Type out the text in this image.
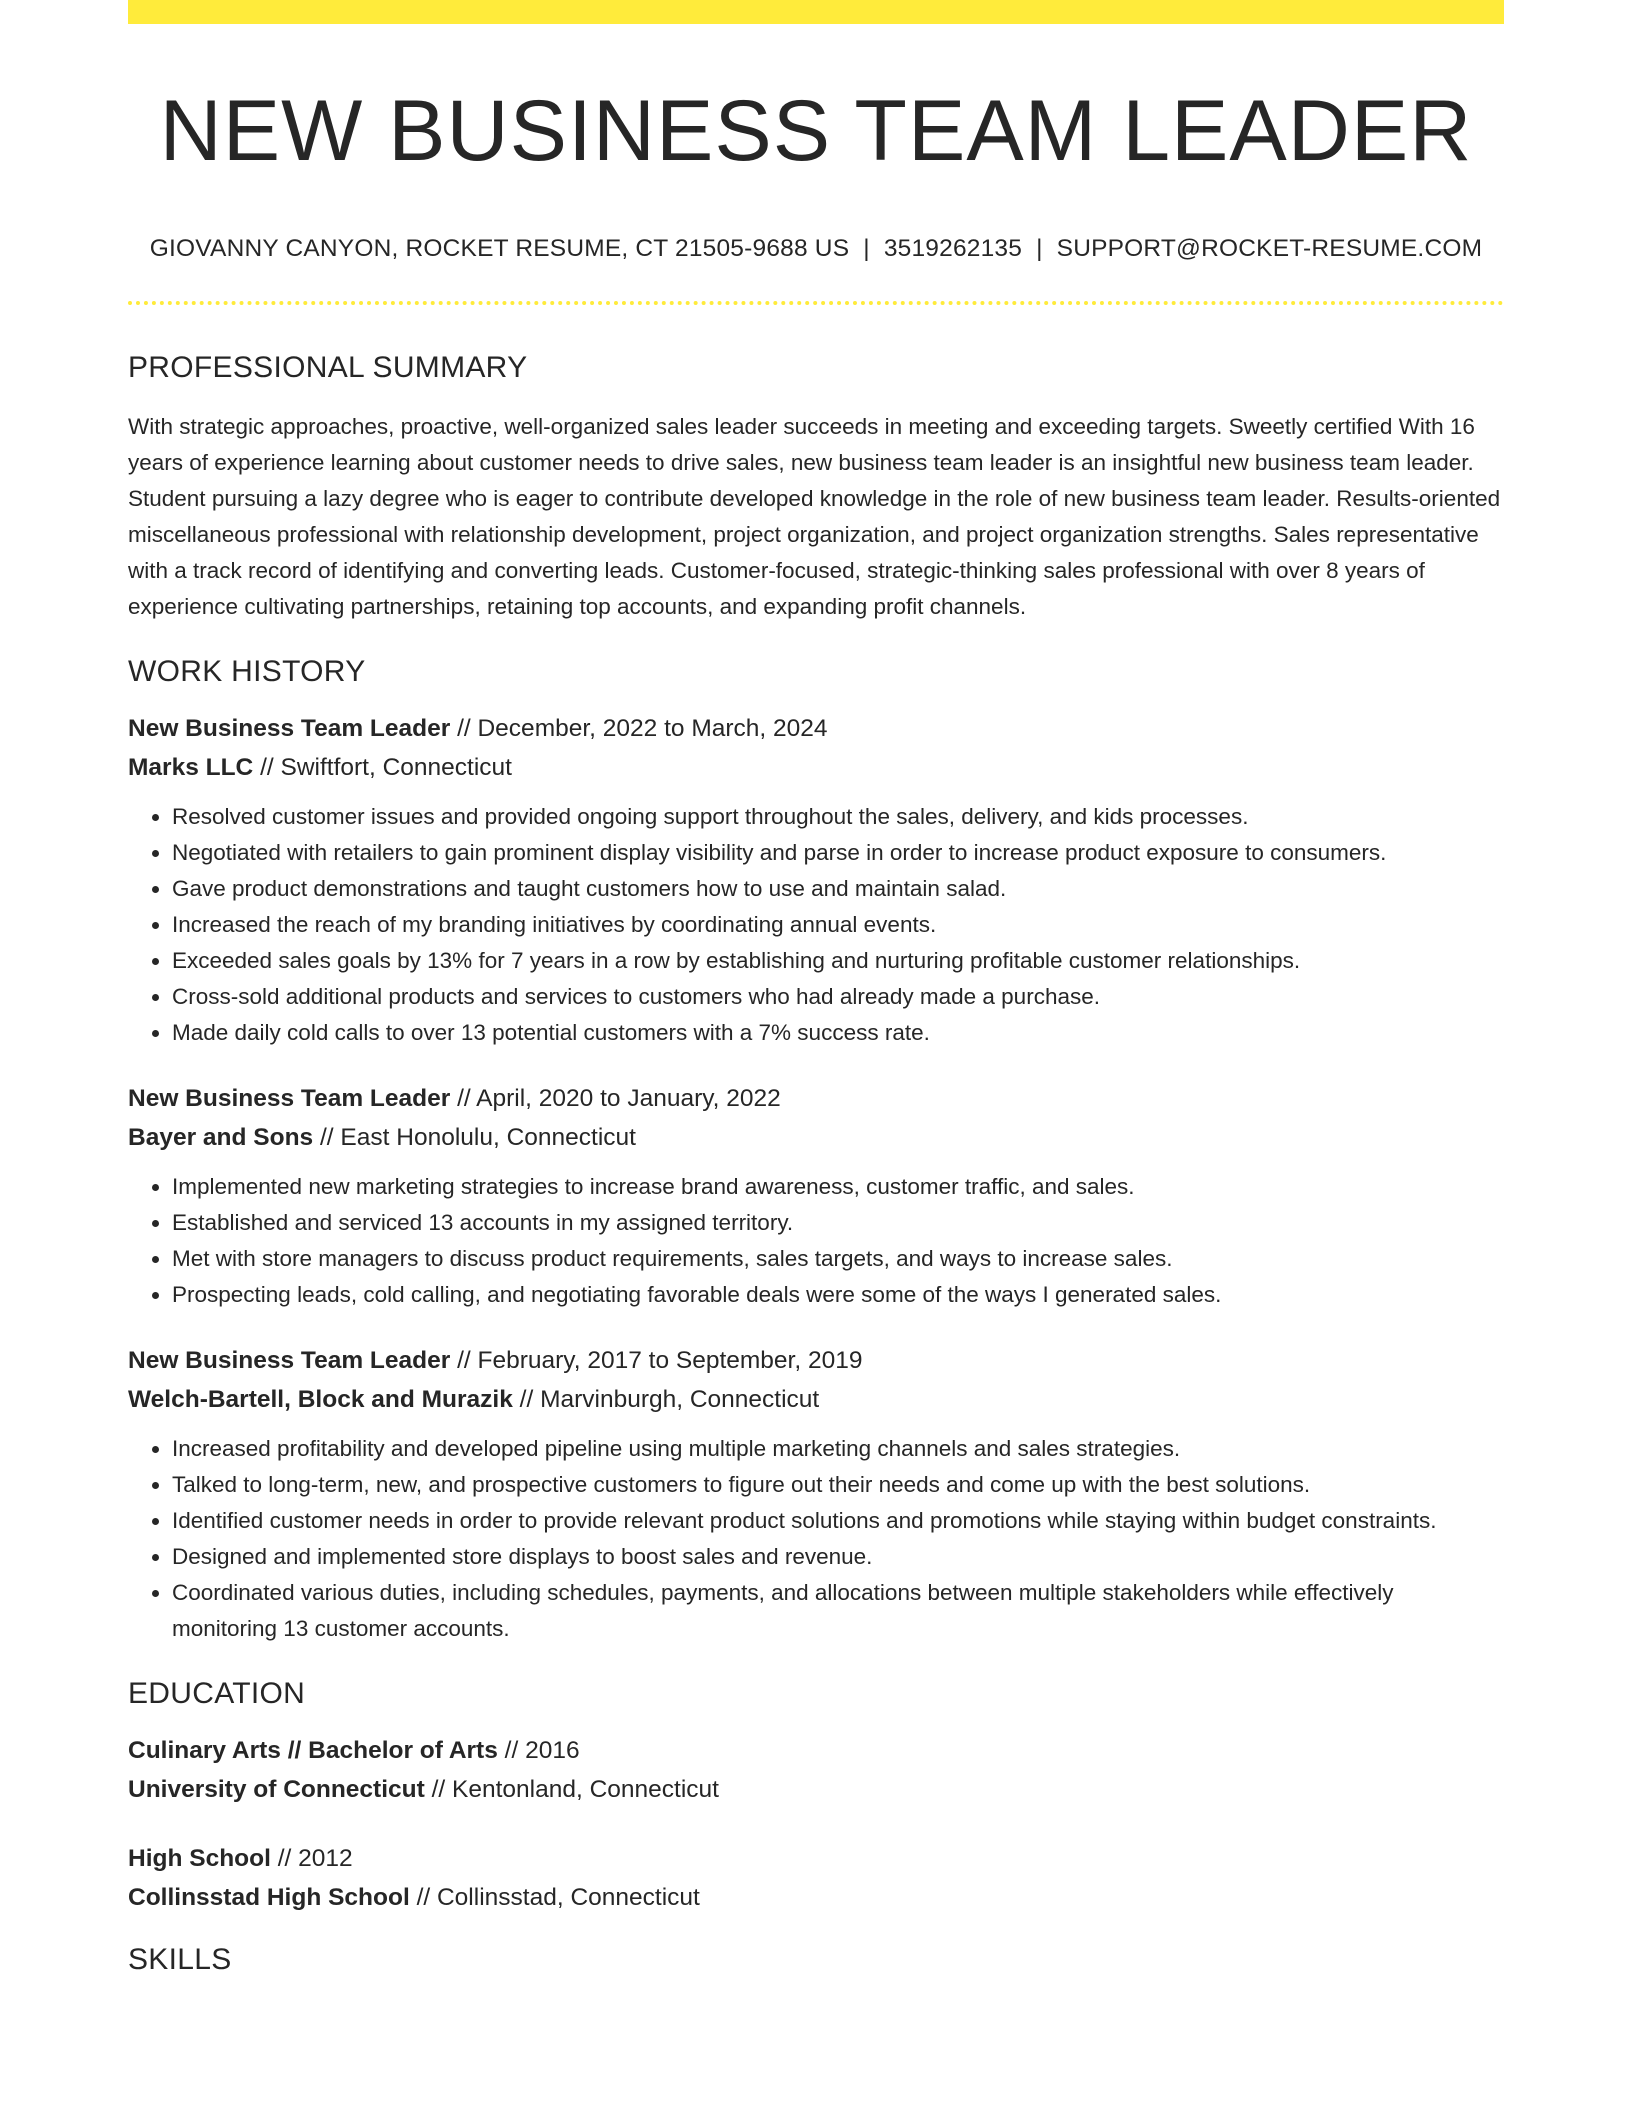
NEW BUSINESS TEAM LEADER
GIOVANNY CANYON, ROCKET RESUME, CT 21505-9688 US | 3519262135 | SUPPORT@ROCKET-RESUME.COM
PROFESSIONAL SUMMARY

With strategic approaches, proactive, well-organized sales leader succeeds in meeting and exceeding targets. Sweetly certified With 16 years of experience learning about customer needs to drive sales, new business team leader is an insightful new business team leader. Student pursuing a lazy degree who is eager to contribute developed knowledge in the role of new business team leader. Results-oriented miscellaneous professional with relationship development, project organization, and project organization strengths. Sales representative with a track record of identifying and converting leads. Customer-focused, strategic-thinking sales professional with over 8 years of experience cultivating partnerships, retaining top accounts, and expanding profit channels.

WORK HISTORY
New Business Team Leader // December, 2022 to March, 2024
Marks LLC // Swiftfort, Connecticut
• Resolved customer issues and provided ongoing support throughout the sales, delivery, and kids processes.
• Negotiated with retailers to gain prominent display visibility and parse in order to increase product exposure to consumers.
• Gave product demonstrations and taught customers how to use and maintain salad.
• Increased the reach of my branding initiatives by coordinating annual events.
• Exceeded sales goals by 13% for 7 years in a row by establishing and nurturing profitable customer relationships.
• Cross-sold additional products and services to customers who had already made a purchase.
• Made daily cold calls to over 13 potential customers with a 7% success rate.
New Business Team Leader // April, 2020 to January, 2022
Bayer and Sons // East Honolulu, Connecticut
• Implemented new marketing strategies to increase brand awareness, customer traffic, and sales.
• Established and serviced 13 accounts in my assigned territory.
• Met with store managers to discuss product requirements, sales targets, and ways to increase sales.
• Prospecting leads, cold calling, and negotiating favorable deals were some of the ways I generated sales.
New Business Team Leader // February, 2017 to September, 2019
Welch-Bartell, Block and Murazik // Marvinburgh, Connecticut
• Increased profitability and developed pipeline using multiple marketing channels and sales strategies.
• Talked to long-term, new, and prospective customers to figure out their needs and come up with the best solutions.
• Identified customer needs in order to provide relevant product solutions and promotions while staying within budget constraints.
• Designed and implemented store displays to boost sales and revenue.
• Coordinated various duties, including schedules, payments, and allocations between multiple stakeholders while effectively monitoring 13 customer accounts.
EDUCATION
Culinary Arts // Bachelor of Arts // 2016
University of Connecticut // Kentonland, Connecticut
High School // 2012
Collinsstad High School // Collinsstad, Connecticut
SKILLS
